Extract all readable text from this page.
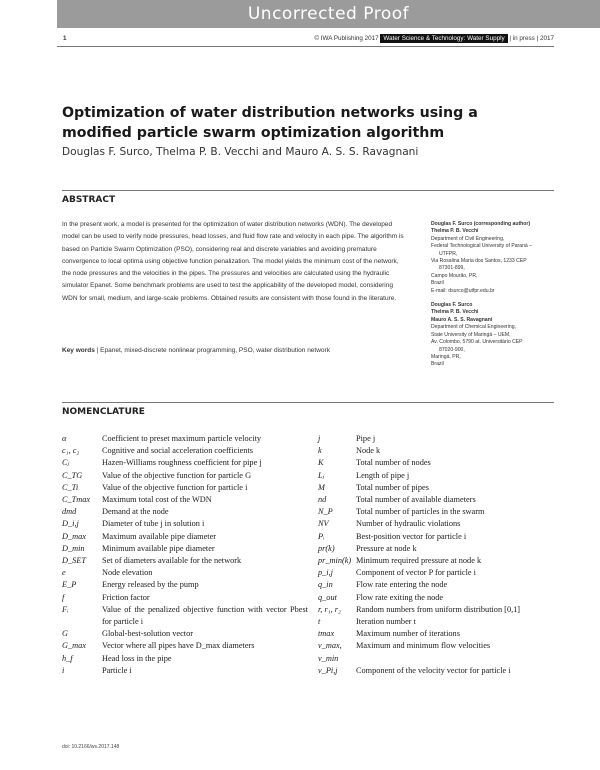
Uncorrected Proof
1	© IWA Publishing 2017 Water Science & Technology: Water Supply | in press | 2017
Optimization of water distribution networks using a modified particle swarm optimization algorithm
Douglas F. Surco, Thelma P. B. Vecchi and Mauro A. S. S. Ravagnani
ABSTRACT

In the present work, a model is presented for the optimization of water distribution networks (WDN). The developed model can be used to verify node pressures, head losses, and fluid flow rate and velocity in each pipe. The algorithm is based on Particle Swarm Optimization (PSO), considering real and discrete variables and avoiding premature convergence to local optima using objective function penalization. The model yields the minimum cost of the network, the node pressures and the velocities in the pipes. The pressures and velocities are calculated using the hydraulic simulator Epanet. Some benchmark problems are used to test the applicability of the developed model, considering WDN for small, medium, and large-scale problems. Obtained results are consistent with those found in the literature.

Key words | Epanet, mixed-discrete nonlinear programming, PSO, water distribution network
Douglas F. Surco (corresponding author)
Thelma P. B. Vecchi
Department of Civil Engineering,
Federal Technological University of Paraná –
UTFPR,
Via Rosalina Maria dos Santos, 1233 CEP
87301-899,
Campo Mourão, PR,
Brazil
E-mail: dsurco@utfpr.edu.br
Douglas F. Surco
Thelma P. B. Vecchi
Mauro A. S. S. Ravagnani
Department of Chemical Engineering,
State University of Maringá – UEM,
Av. Colombo, 5790 at. Universitário CEP
87020-900,
Maringá, PR,
Brazil
NOMENCLATURE
α	Coefficient to preset maximum particle velocity
c₁, c₂	Cognitive and social acceleration coefficients
Cⱼ	Hazen-Williams roughness coefficient for pipe j
C_TG	Value of the objective function for particle G
C_Ti	Value of the objective function for particle i
C_Tmax	Maximum total cost of the WDN
dmd	Demand at the node
D_i,j	Diameter of tube j in solution i
D_max	Maximum available pipe diameter
D_min	Minimum available pipe diameter
D_SET	Set of diameters available for the network
e	Node elevation
E_P	Energy released by the pump
f	Friction factor
Fᵢ	Value of the penalized objective function with vector Pbest for particle i
G	Global-best-solution vector
G_max	Vector where all pipes have D_max diameters
h_f	Head loss in the pipe
i	Particle i
j	Pipe j
k	Node k
K	Total number of nodes
Lⱼ	Length of pipe j
M	Total number of pipes
nd	Total number of available diameters
N_P	Total number of particles in the swarm
NV	Number of hydraulic violations
Pᵢ	Best-position vector for particle i
pr(k)	Pressure at node k
pr_min(k) Minimum required pressure at node k
p_i,j	Component of vector P for particle i
q_in	Flow rate entering the node
q_out	Flow rate exiting the node
r, r₁, r₂	Random numbers from uniform distribution [0,1]
t	Iteration number t
tmax	Maximum number of iterations
v_max,	Maximum and minimum flow velocities
v_min
v_Pi,j	Component of the velocity vector for particle i
doi: 10.2166/ws.2017.148
